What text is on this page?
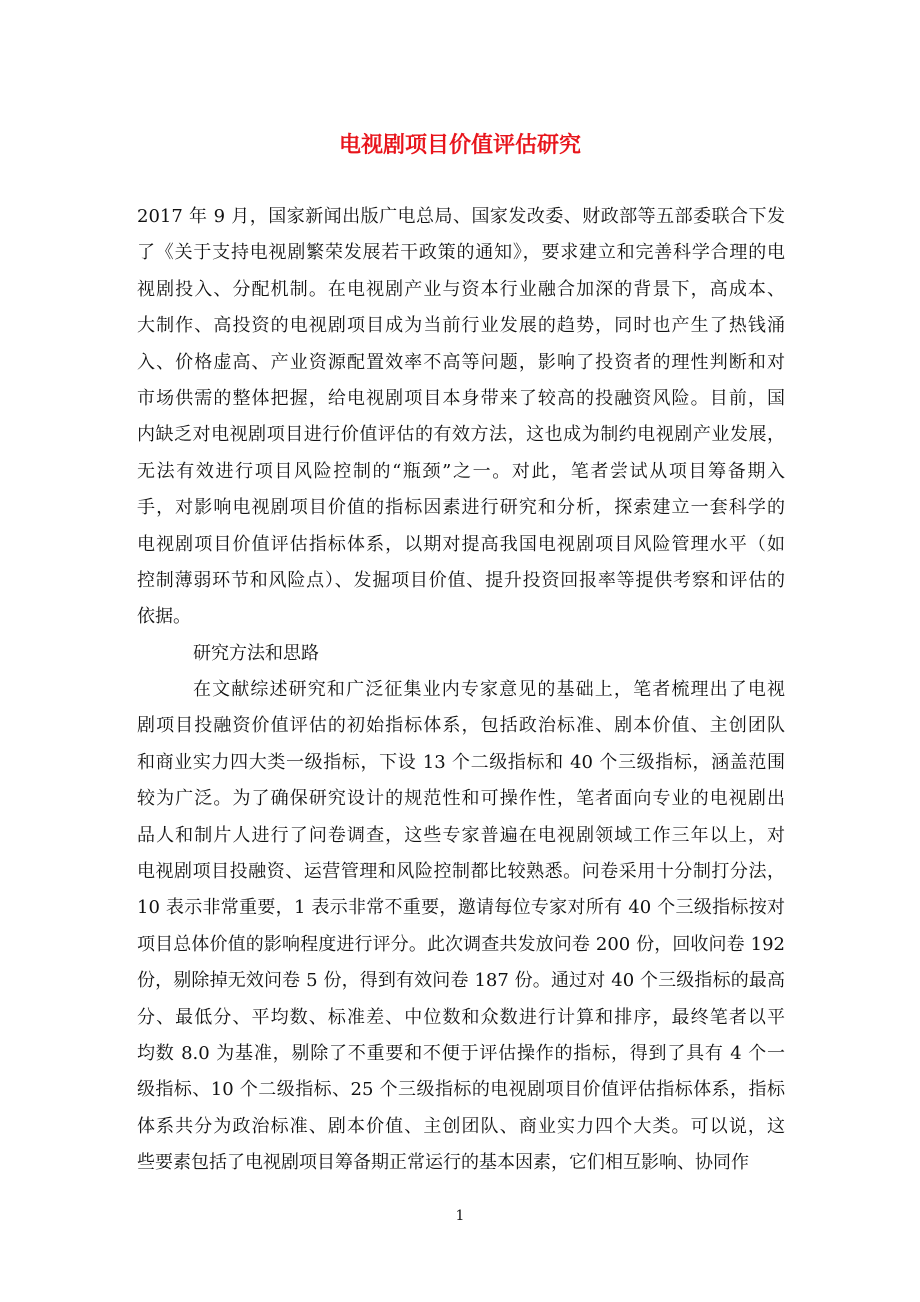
电视剧项目价值评估研究
2017 年 9 月，国家新闻出版广电总局、国家发改委、财政部等五部委联合下发
了《关于支持电视剧繁荣发展若干政策的通知》，要求建立和完善科学合理的电
视剧投入、分配机制。在电视剧产业与资本行业融合加深的背景下，高成本、
大制作、高投资的电视剧项目成为当前行业发展的趋势，同时也产生了热钱涌
入、价格虚高、产业资源配置效率不高等问题，影响了投资者的理性判断和对
市场供需的整体把握，给电视剧项目本身带来了较高的投融资风险。目前，国
内缺乏对电视剧项目进行价值评估的有效方法，这也成为制约电视剧产业发展，
无法有效进行项目风险控制的“瓶颈”之一。对此，笔者尝试从项目筹备期入
手，对影响电视剧项目价值的指标因素进行研究和分析，探索建立一套科学的
电视剧项目价值评估指标体系，以期对提高我国电视剧项目风险管理水平（如
控制薄弱环节和风险点）、发掘项目价值、提升投资回报率等提供考察和评估的
依据。
研究方法和思路
在文献综述研究和广泛征集业内专家意见的基础上，笔者梳理出了电视
剧项目投融资价值评估的初始指标体系，包括政治标准、剧本价值、主创团队
和商业实力四大类一级指标，下设 13 个二级指标和 40 个三级指标，涵盖范围
较为广泛。为了确保研究设计的规范性和可操作性，笔者面向专业的电视剧出
品人和制片人进行了问卷调查，这些专家普遍在电视剧领域工作三年以上，对
电视剧项目投融资、运营管理和风险控制都比较熟悉。问卷采用十分制打分法，
10 表示非常重要，1 表示非常不重要，邀请每位专家对所有 40 个三级指标按对
项目总体价值的影响程度进行评分。此次调查共发放问卷 200 份，回收问卷 192
份，剔除掉无效问卷 5 份，得到有效问卷 187 份。通过对 40 个三级指标的最高
分、最低分、平均数、标准差、中位数和众数进行计算和排序，最终笔者以平
均数 8.0 为基准，剔除了不重要和不便于评估操作的指标，得到了具有 4 个一
级指标、10 个二级指标、25 个三级指标的电视剧项目价值评估指标体系，指标
体系共分为政治标准、剧本价值、主创团队、商业实力四个大类。可以说，这
些要素包括了电视剧项目筹备期正常运行的基本因素，它们相互影响、协同作
1
